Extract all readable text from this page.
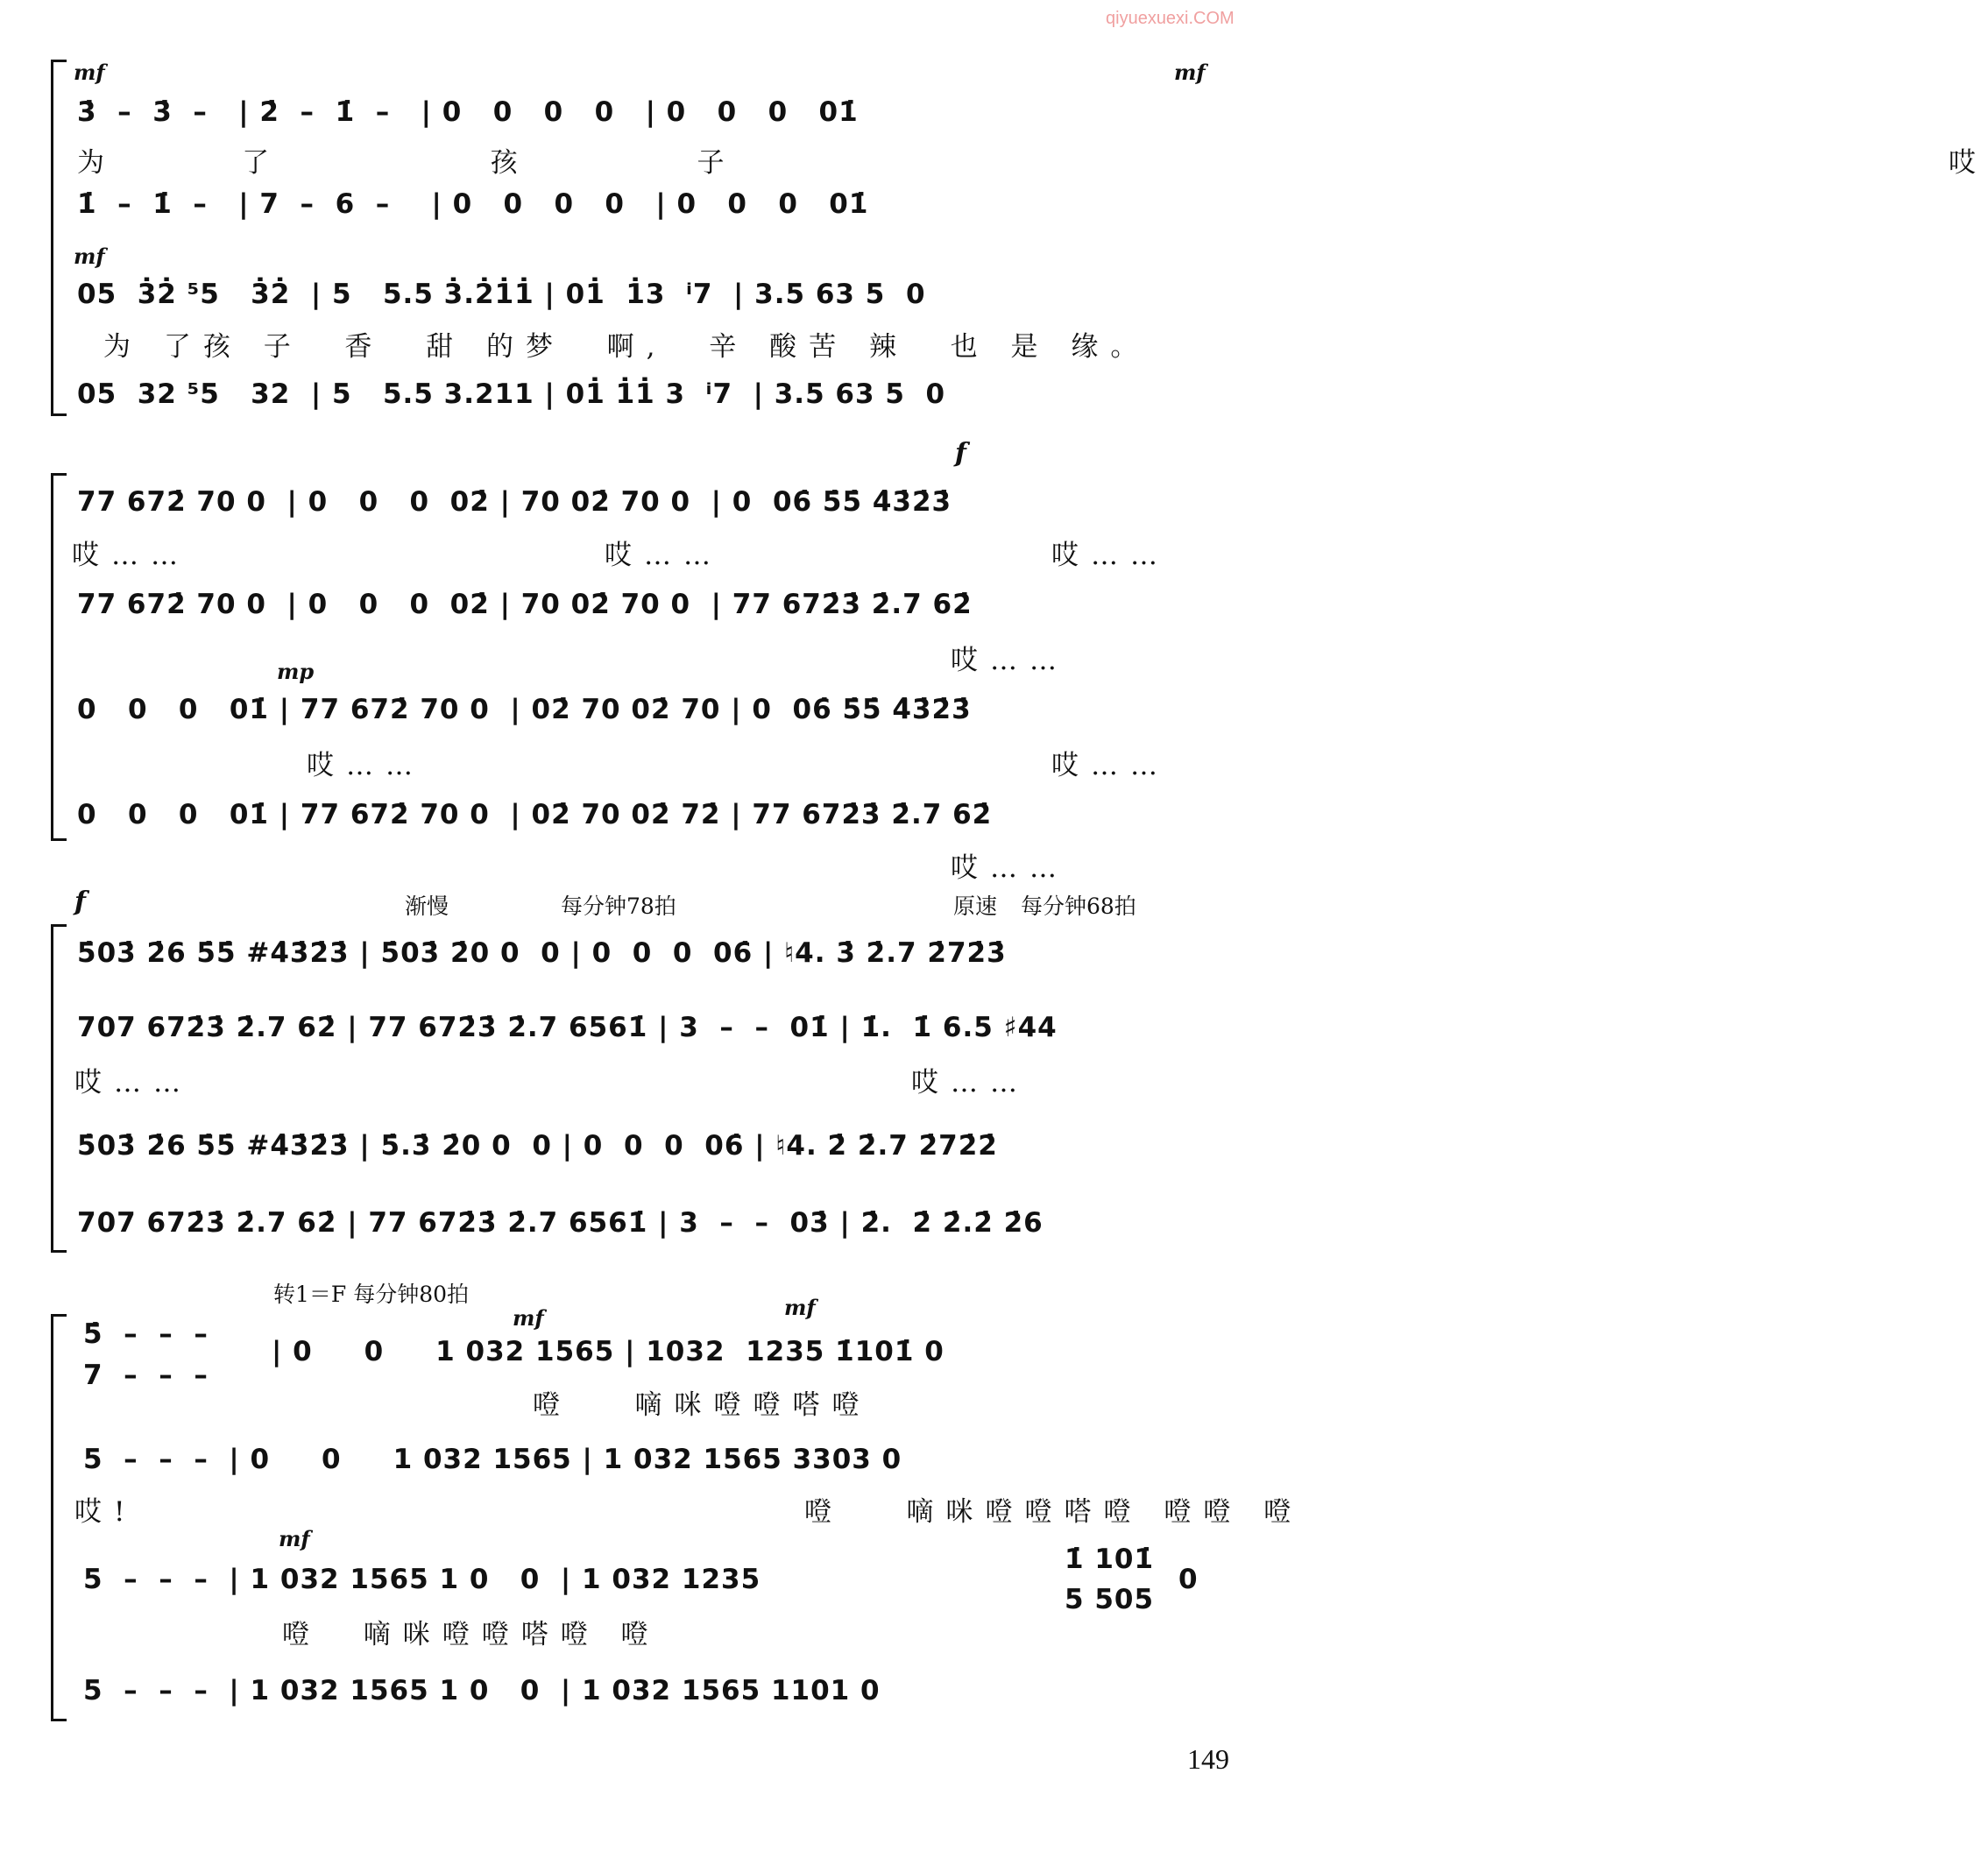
qiyuexuexi.COM
mf	mf
3̇  –  3̇  –   | 2̇  –  1̇  –   | 0   0   0   0   | 0   0   0   01̇
为      了          孩        子                                                          哎
1̇  –  1̇  –   | 7  –  6  –    | 0   0   0   0   | 0   0   0   01̇
mf
05  3̇2̇ ⁵5   3̇2̇  | 5   5.5 3̇.2̇1̇1̇ | 01̇  1̇3  ⁱ7  | 3.5 63 5  0
为 了孩 子  香  甜 的梦  啊,  辛 酸苦 辣  也 是 缘。
05  32 ⁵5   32  | 5   5.5 3.211 | 01̇ 1̇1̇ 3  ⁱ7  | 3.5 63 5  0
f
77 672̇ 70 0  | 0   0   0  02̇ | 70 02̇ 70 0  | 0  06̇ 5̇5̇ 4̇3̇2̇3̇
哎……	哎……	哎……
77 672̇ 70 0  | 0   0   0  02̇ | 70 02̇ 70 0  | 77 672̇3̇ 2̇.7 62̇
哎……
mp
0   0   0   01̇ | 77 672̇ 70 0  | 02̇ 70 02̇ 70 | 0  06̇ 5̇5̇ 4̇3̇2̇3̇
哎……	哎……
0   0   0   01̇ | 77 672̇ 70 0  | 02̇ 70 02̇ 72̇ | 77 672̇3̇ 2̇.7 62̇
哎……
f	渐慢	每分钟78拍	原速 每分钟68拍
5̇03̇ 2̇6 5̇5̇ #4̇3̇2̇3̇ | 5̇03̇ 2̇0 0  0 | 0  0  0  06̇ | ♮4. 3̇ 2̇.7 2̇72̇3̇
707 672̇3̇ 2̇.7 62̇ | 77 672̇3̇ 2̇.7 6561̇ | 3  –  –  01̇ | 1̇.  1̇ 6.5 ♯44
哎……	哎……
5̇03̇ 2̇6 5̇5̇ #4̇3̇2̇3̇ | 5̇.3̇ 2̇0 0  0 | 0  0  0  06̇ | ♮4. 2̇ 2̇.7 2̇72̇2̇
707 672̇3̇ 2̇.7 62̇ | 77 672̇3̇ 2̇.7 6561̇ | 3  –  –  03̇ | 2̇.  2̇ 2̇.2̇ 2̇6
转1＝F 每分钟80拍
mf	mf
5̇  –  –  –
7  –  –  –
| 0     0     1 032 1565 | 1032  1235 1̇101̇ 0
噔   嘀咪噔噔嗒噔
5  –  –  –  | 0     0     1 032 1565 | 1 032 1565 3303 0
哎!	噔   嘀咪噔噔嗒噔 噔噔 噔
mf
5  –  –  –  | 1 032 1565 1 0   0  | 1 032 1235
1̇ 101̇
5 505
0
噔  嘀咪噔噔嗒噔 噔
5  –  –  –  | 1 032 1565 1 0   0  | 1 032 1565 1101 0
149
